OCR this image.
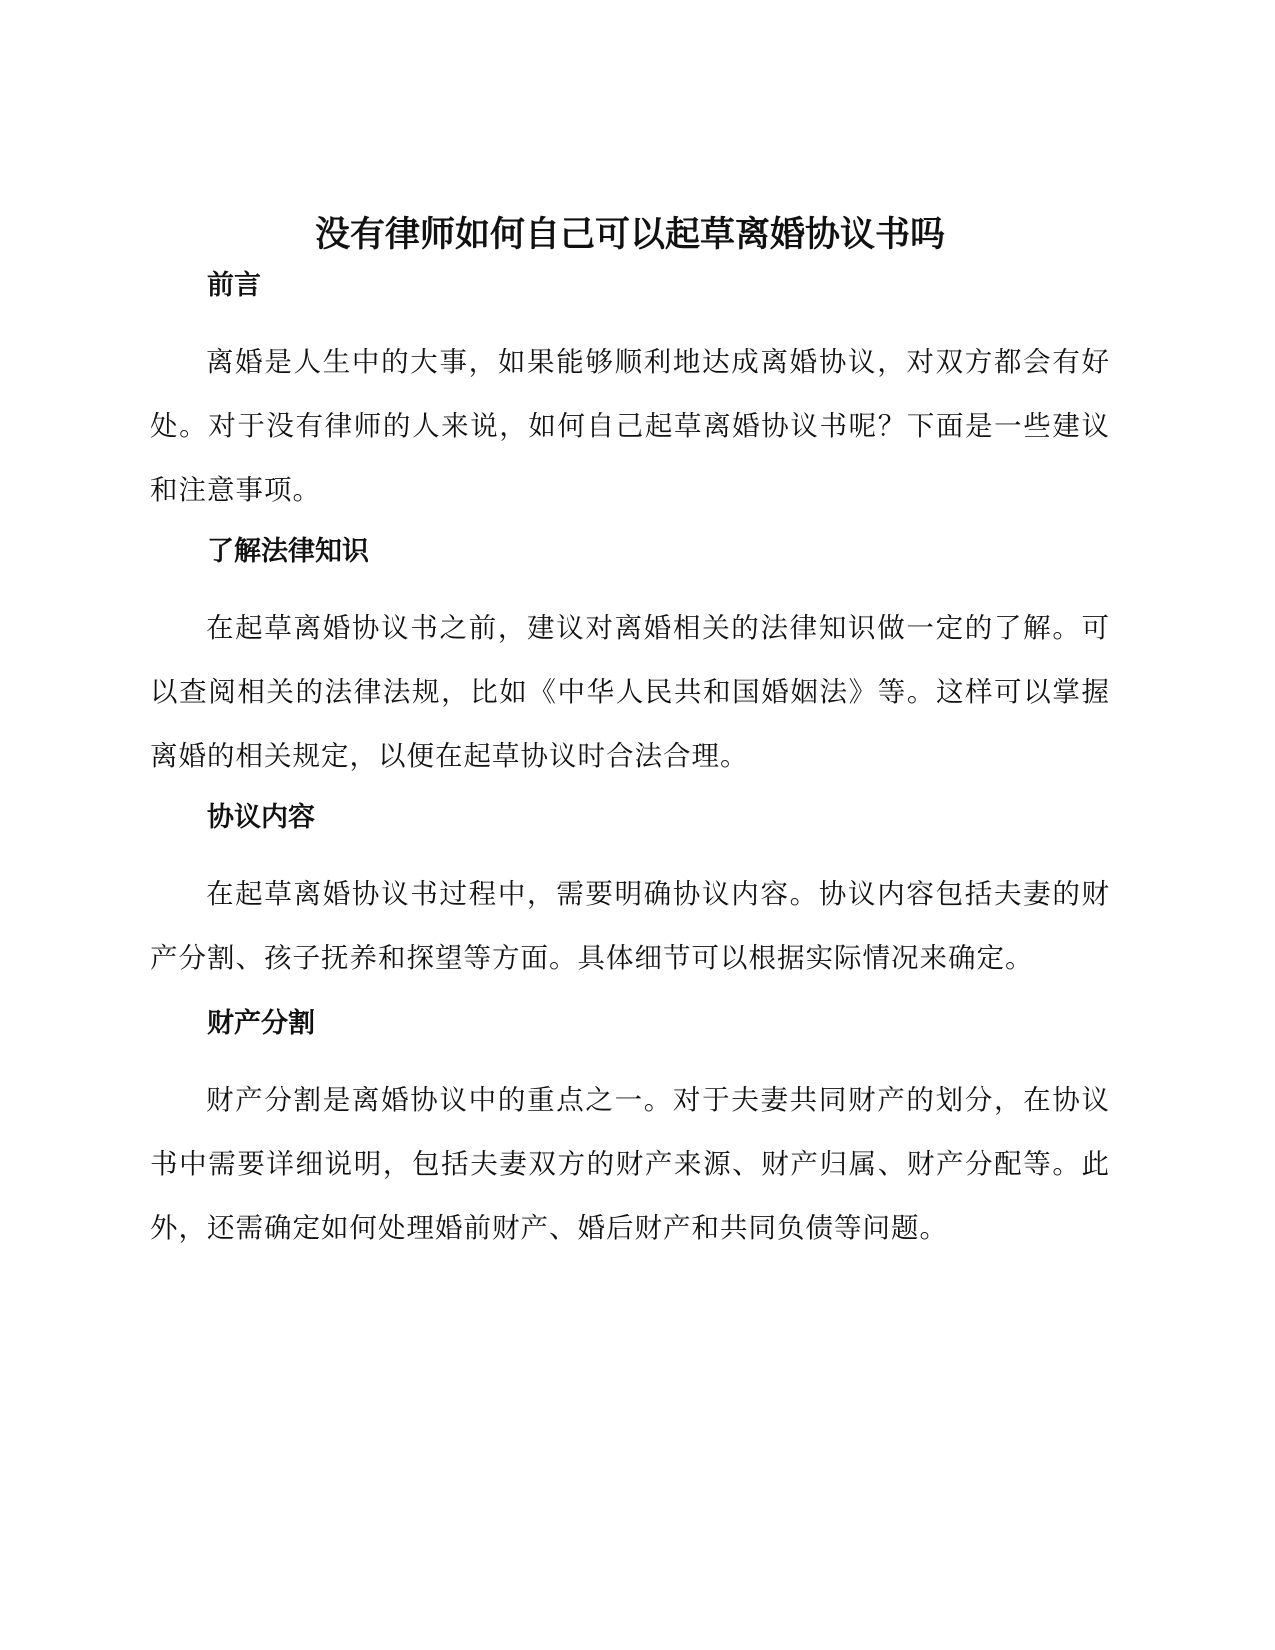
没有律师如何自己可以起草离婚协议书吗
前言

离婚是人生中的大事，如果能够顺利地达成离婚协议，对双方都会有好处。对于没有律师的人来说，如何自己起草离婚协议书呢？下面是一些建议和注意事项。

了解法律知识

在起草离婚协议书之前，建议对离婚相关的法律知识做一定的了解。可以查阅相关的法律法规，比如《中华人民共和国婚姻法》等。这样可以掌握离婚的相关规定，以便在起草协议时合法合理。

协议内容

在起草离婚协议书过程中，需要明确协议内容。协议内容包括夫妻的财产分割、孩子抚养和探望等方面。具体细节可以根据实际情况来确定。

财产分割

财产分割是离婚协议中的重点之一。对于夫妻共同财产的划分，在协议书中需要详细说明，包括夫妻双方的财产来源、财产归属、财产分配等。此外，还需确定如何处理婚前财产、婚后财产和共同负债等问题。
